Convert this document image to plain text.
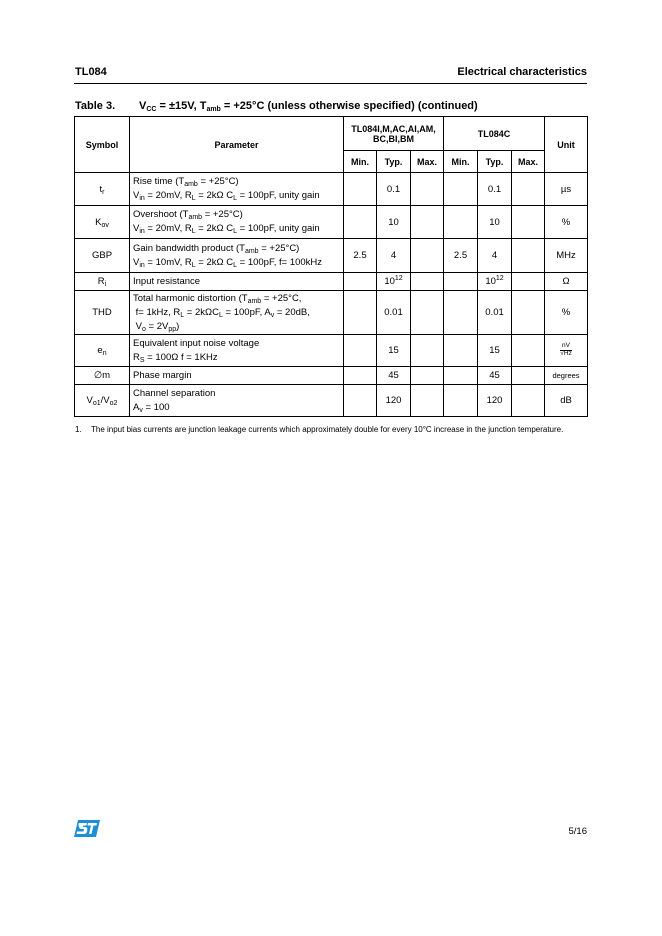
TL084	Electrical characteristics
Table 3. $V_{CC} = \pm 15V$, $T_{amb} = +25^\circ C$ (unless otherwise specified) (continued)
Symbol	Parameter	TL084I,M,AC,AI,AM,
BC,BI,BM			TL084C			Unit
		Min.	Typ.	Max.	Min.	Typ.	Max.	
$t_r$	Rise time $(T_{amb} = +25^\circ C)$
$V_{in} = 20mV$, $R_L = 2k\Omega$ $C_L = 100pF$, unity gain		0.1			0.1		µs
$K_{ov}$	Overshoot $(T_{amb} = +25^\circ C)$
$V_{in} = 20mV$, $R_L = 2k\Omega$ $C_L = 100pF$, unity gain		10			10		%
GBP	Gain bandwidth product $(T_{amb} = +25^\circ C)$
$V_{in} = 10mV$, $R_L = 2k\Omega$ $C_L = 100pF$, f= 100kHz	2.5	4		2.5	4		MHz
$R_i$	Input resistance		$10^{12}$			$10^{12}$		Ω
THD	Total harmonic distortion ($T_{amb} = +25^\circ C$,
f= 1kHz, $R_L = 2k\Omega C_L = 100pF$, $A_v = 20dB$,
$V_o = 2V_{pp}$)		0.01			0.01		%
$e_n$	Equivalent input noise voltage
$R_S = 100\Omega$ f = 1KHz		15			15		$\frac{nV}{√Hz}$

∅m	Phase margin		45			45		degrees
$V_{o1}/V_{o2}$	Channel separation
$A_v = 100$		120			120		dB
1. The input bias currents are junction leakage currents which approximately double for every 10°C increase in the junction temperature.
5/16
